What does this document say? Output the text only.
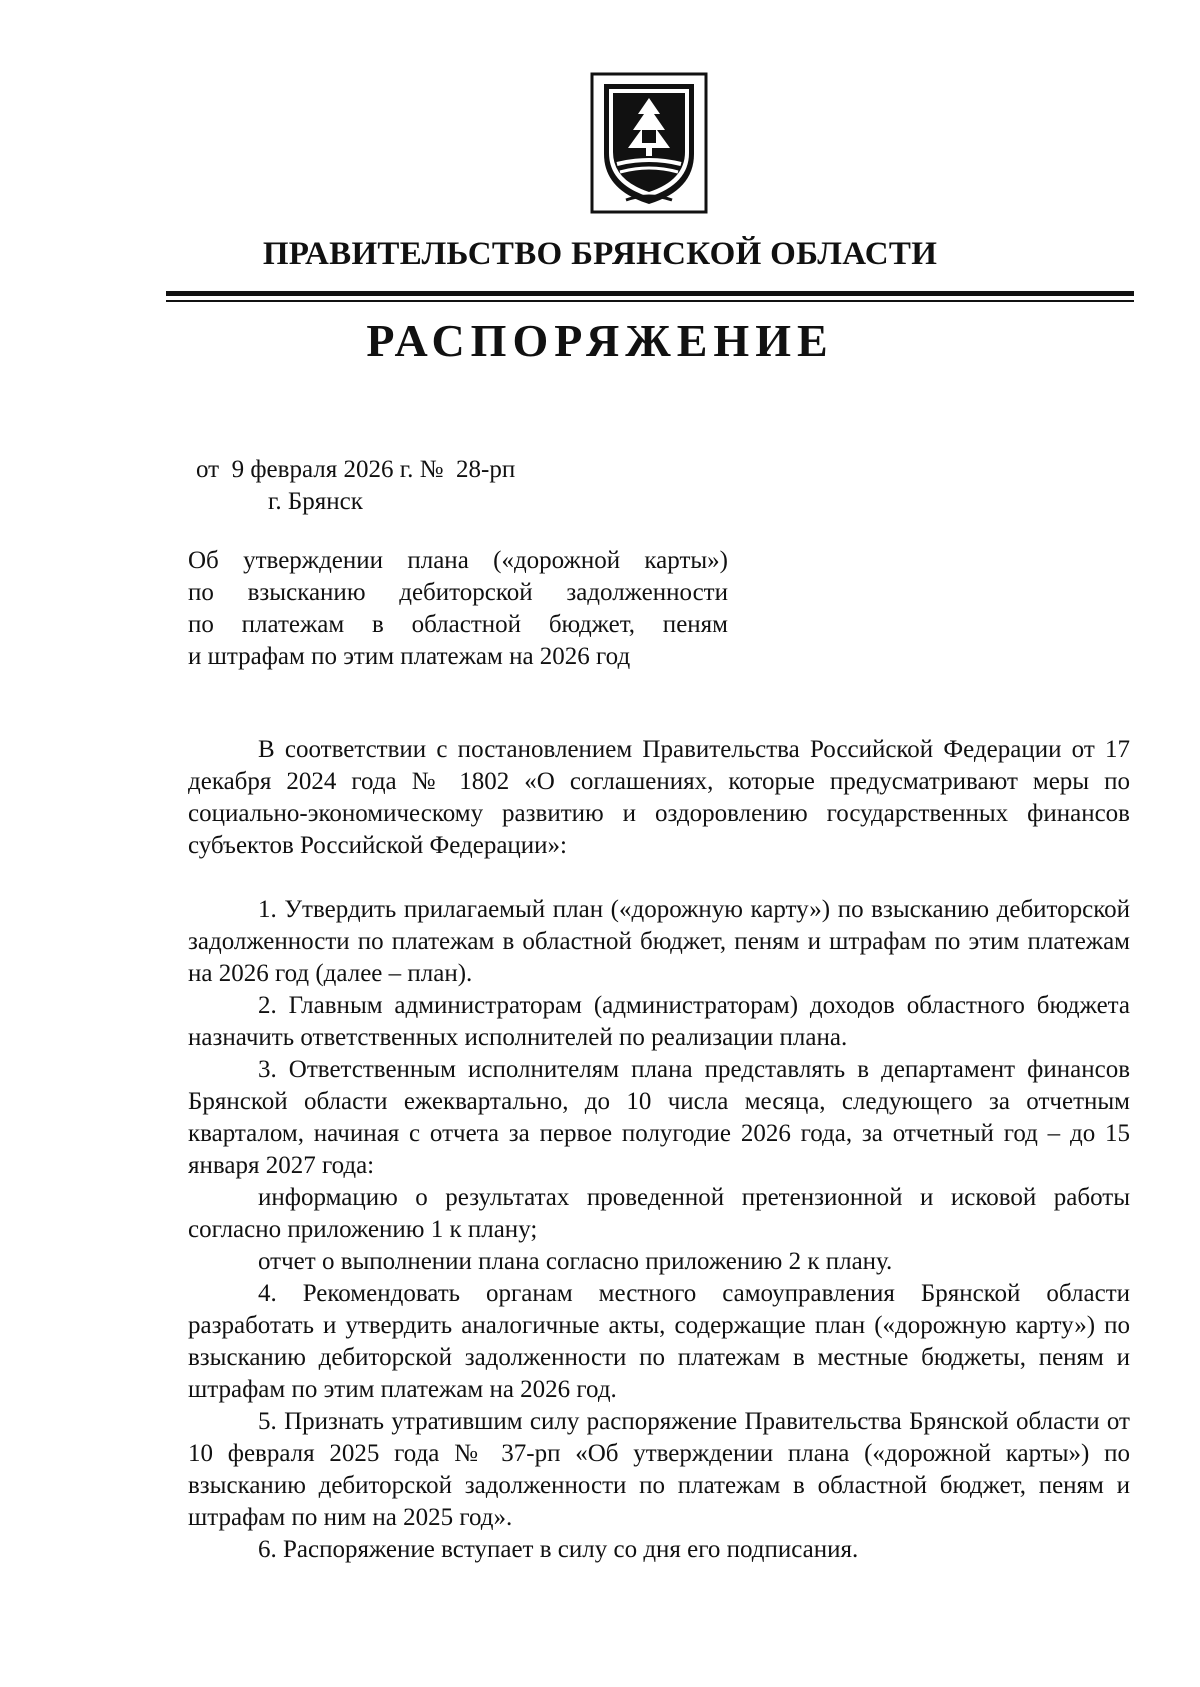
ПРАВИТЕЛЬСТВО БРЯНСКОЙ ОБЛАСТИ
РАСПОРЯЖЕНИЕ
от  9 февраля 2026 г. №  28-рп
г. Брянск
Об утверждении плана («дорожной карты»)
по взысканию дебиторской задолженности
по платежам в областной бюджет, пеням
и штрафам по этим платежам на 2026 год

В соответствии с постановлением Правительства Российской Федерации от 17 декабря 2024 года № 1802 «О соглашениях, которые предусматривают меры по социально-экономическому развитию и оздоровлению государственных финансов субъектов Российской Федерации»:

1. Утвердить прилагаемый план («дорожную карту») по взысканию дебиторской задолженности по платежам в областной бюджет, пеням и штрафам по этим платежам на 2026 год (далее – план).

2. Главным администраторам (администраторам) доходов областного бюджета назначить ответственных исполнителей по реализации плана.

3. Ответственным исполнителям плана представлять в департамент финансов Брянской области ежеквартально, до 10 числа месяца, следующего за отчетным кварталом, начиная с отчета за первое полугодие 2026 года, за отчетный год – до 15 января 2027 года:

информацию о результатах проведенной претензионной и исковой работы согласно приложению 1 к плану;

отчет о выполнении плана согласно приложению 2 к плану.

4. Рекомендовать органам местного самоуправления Брянской области разработать и утвердить аналогичные акты, содержащие план («дорожную карту») по взысканию дебиторской задолженности по платежам в местные бюджеты, пеням и штрафам по этим платежам на 2026 год.

5. Признать утратившим силу распоряжение Правительства Брянской области от 10 февраля 2025 года № 37-рп «Об утверждении плана («дорожной карты») по взысканию дебиторской задолженности по платежам в областной бюджет, пеням и штрафам по ним на 2025 год».

6. Распоряжение вступает в силу со дня его подписания.
